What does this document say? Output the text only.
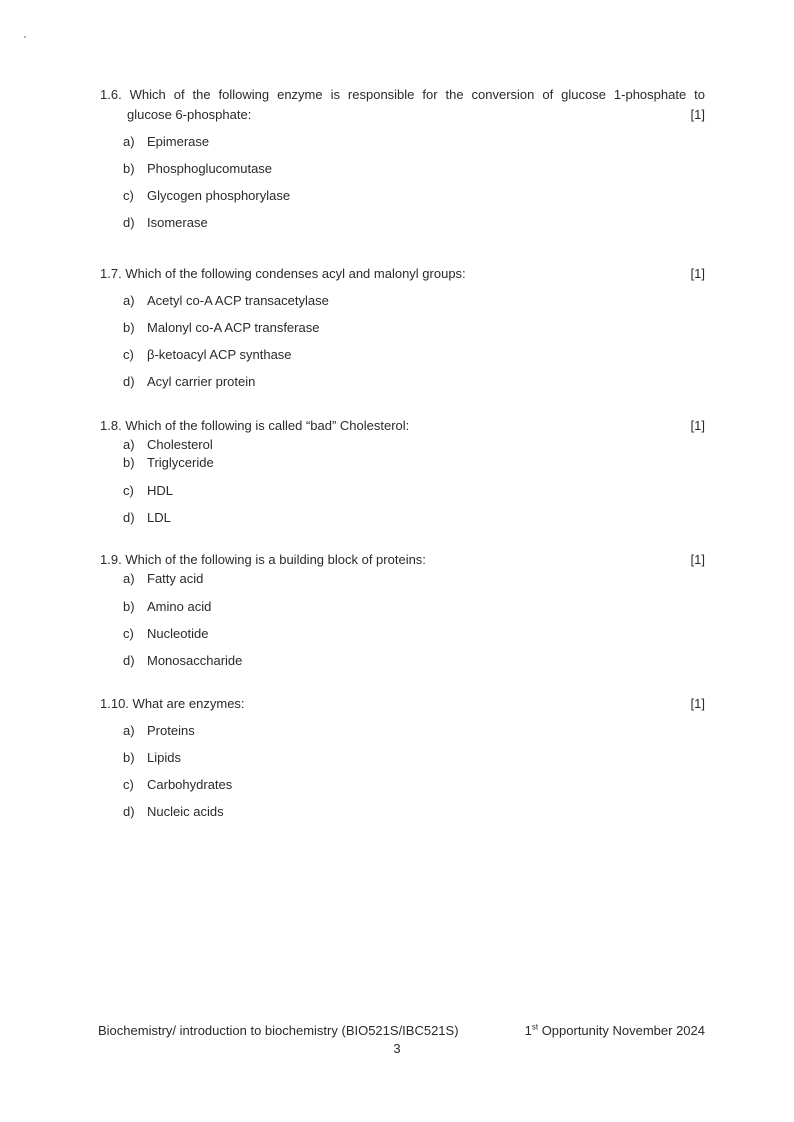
1.6. Which of the following enzyme is responsible for the conversion of glucose 1-phosphate to
glucose 6-phosphate:	[1]
a) Epimerase
b) Phosphoglucomutase
c)	Glycogen phosphorylase
d) Isomerase
1.7. Which of the following condenses acyl and malonyl groups:	[1]
a) Acetyl co-A ACP transacetylase
b) Malonyl co-A ACP transferase
c)	β-ketoacyl ACP synthase
d) Acyl carrier protein
1.8. Which of the following is called “bad” Cholesterol:	[1]
a) Cholesterol
b) Triglyceride
c)	HDL
d) LDL
1.9. Which of the following is a building block of proteins:	[1]
a) Fatty acid
b) Amino acid
c)	Nucleotide
d) Monosaccharide
1.10. What are enzymes:	[1]
a) Proteins
b) Lipids
c)	Carbohydrates
d) Nucleic acids
Biochemistry/ introduction to biochemistry (BIO521S/IBC521S)	1st Opportunity November 2024
3
